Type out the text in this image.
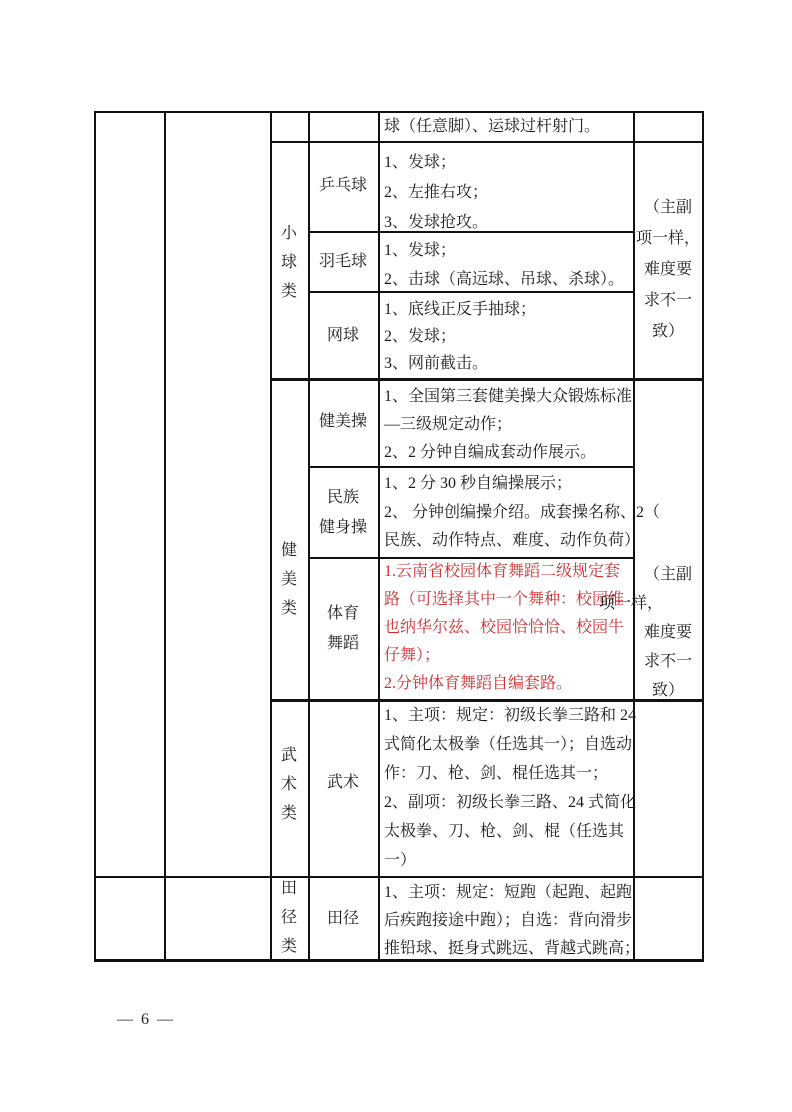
球（任意脚）、运球过杆射门。
小
球
类
乒乓球
1、发球；
2、左推右攻；
3、发球抢攻。
羽毛球
1、发球；
2、击球（高远球、吊球、杀球）。
网球
1、底线正反手抽球；
2、发球；
3、网前截击。
（主副
项一样，
难度要
求不一
致）
健
美
类
健美操
1、全国第三套健美操大众锻炼标准
—三级规定动作；
2、2 分钟自编成套动作展示。
民族
健身操
1、2 分 30 秒自编操展示；
2、 分钟创编操介绍。成套操名称、2（
民族、动作特点、难度、动作负荷）
体育
舞蹈
1.云南省校园体育舞蹈二级规定套
路（可选择其中一个舞种：校园维
也纳华尔兹、校园恰恰恰、校园牛
仔舞）；
2.分钟体育舞蹈自编套路。
（主副
项一样，
难度要
求不一
致）
武
术
类
武术
1、主项：规定：初级长拳三路和 24
式简化太极拳（任选其一）；自选动
作：刀、枪、剑、棍任选其一；
2、副项：初级长拳三路、24 式简化
太极拳、刀、枪、剑、棍（任选其
一）
田
径
类
田径
1、主项：规定：短跑（起跑、起跑
后疾跑接途中跑）；自选：背向滑步
推铅球、挺身式跳远、背越式跳高；
— 6 —
